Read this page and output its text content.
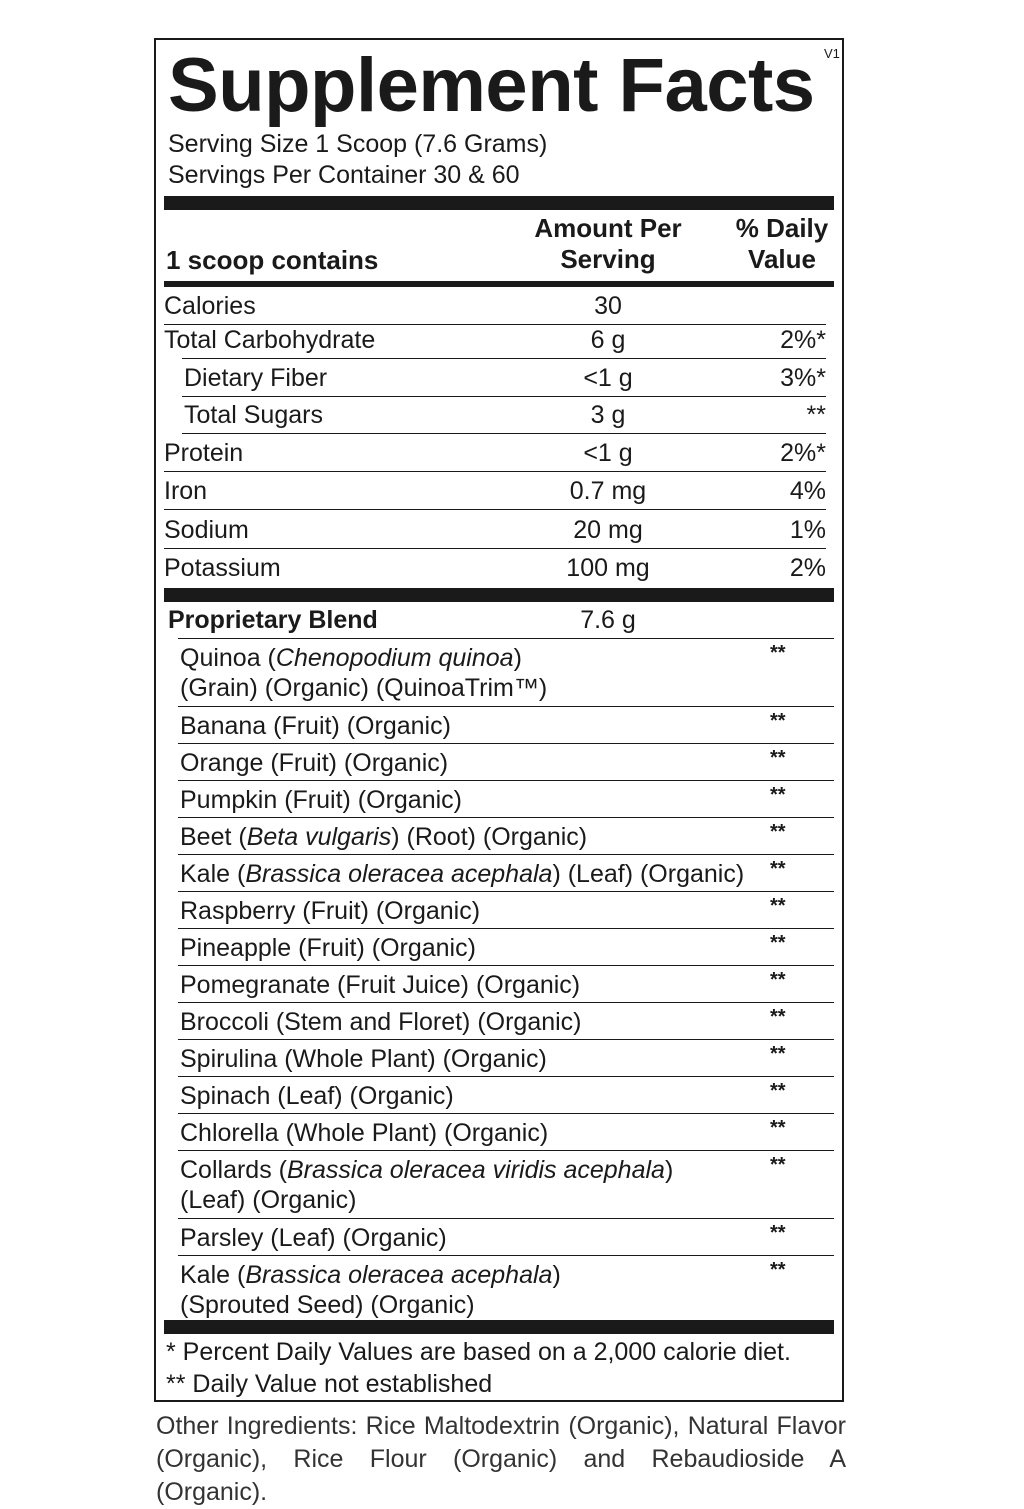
V1
Supplement Facts
Serving Size 1 Scoop (7.6 Grams)
Servings Per Container 30 & 60
1 scoop contains
Amount Per
Serving
% Daily
Value
Calories	30
Total Carbohydrate	6 g	2%*
Dietary Fiber	<1 g	3%*
Total Sugars	3 g	**
Protein	<1 g	2%*
Iron	0.7 mg	4%
Sodium	20 mg	1%
Potassium	100 mg	2%
Proprietary Blend	7.6 g
Quinoa (Chenopodium quinoa)
(Grain) (Organic) (QuinoaTrim™)
**
Banana (Fruit) (Organic)	**
Orange (Fruit) (Organic)	**
Pumpkin (Fruit) (Organic)	**
Beet (Beta vulgaris) (Root) (Organic)	**
Kale (Brassica oleracea acephala) (Leaf) (Organic) **
Raspberry (Fruit) (Organic)	**
Pineapple (Fruit) (Organic)	**
Pomegranate (Fruit Juice) (Organic)	**
Broccoli (Stem and Floret) (Organic)	**
Spirulina (Whole Plant) (Organic)	**
Spinach (Leaf) (Organic)	**
Chlorella (Whole Plant) (Organic)	**
Collards (Brassica oleracea viridis acephala)
(Leaf) (Organic)
**
Parsley (Leaf) (Organic)	**
Kale (Brassica oleracea acephala)
(Sprouted Seed) (Organic)
**
* Percent Daily Values are based on a 2,000 calorie diet.
** Daily Value not established
Other Ingredients: Rice Maltodextrin (Organic), Natural Flavor (Organic), Rice Flour (Organic) and Rebaudioside A (Organic).
